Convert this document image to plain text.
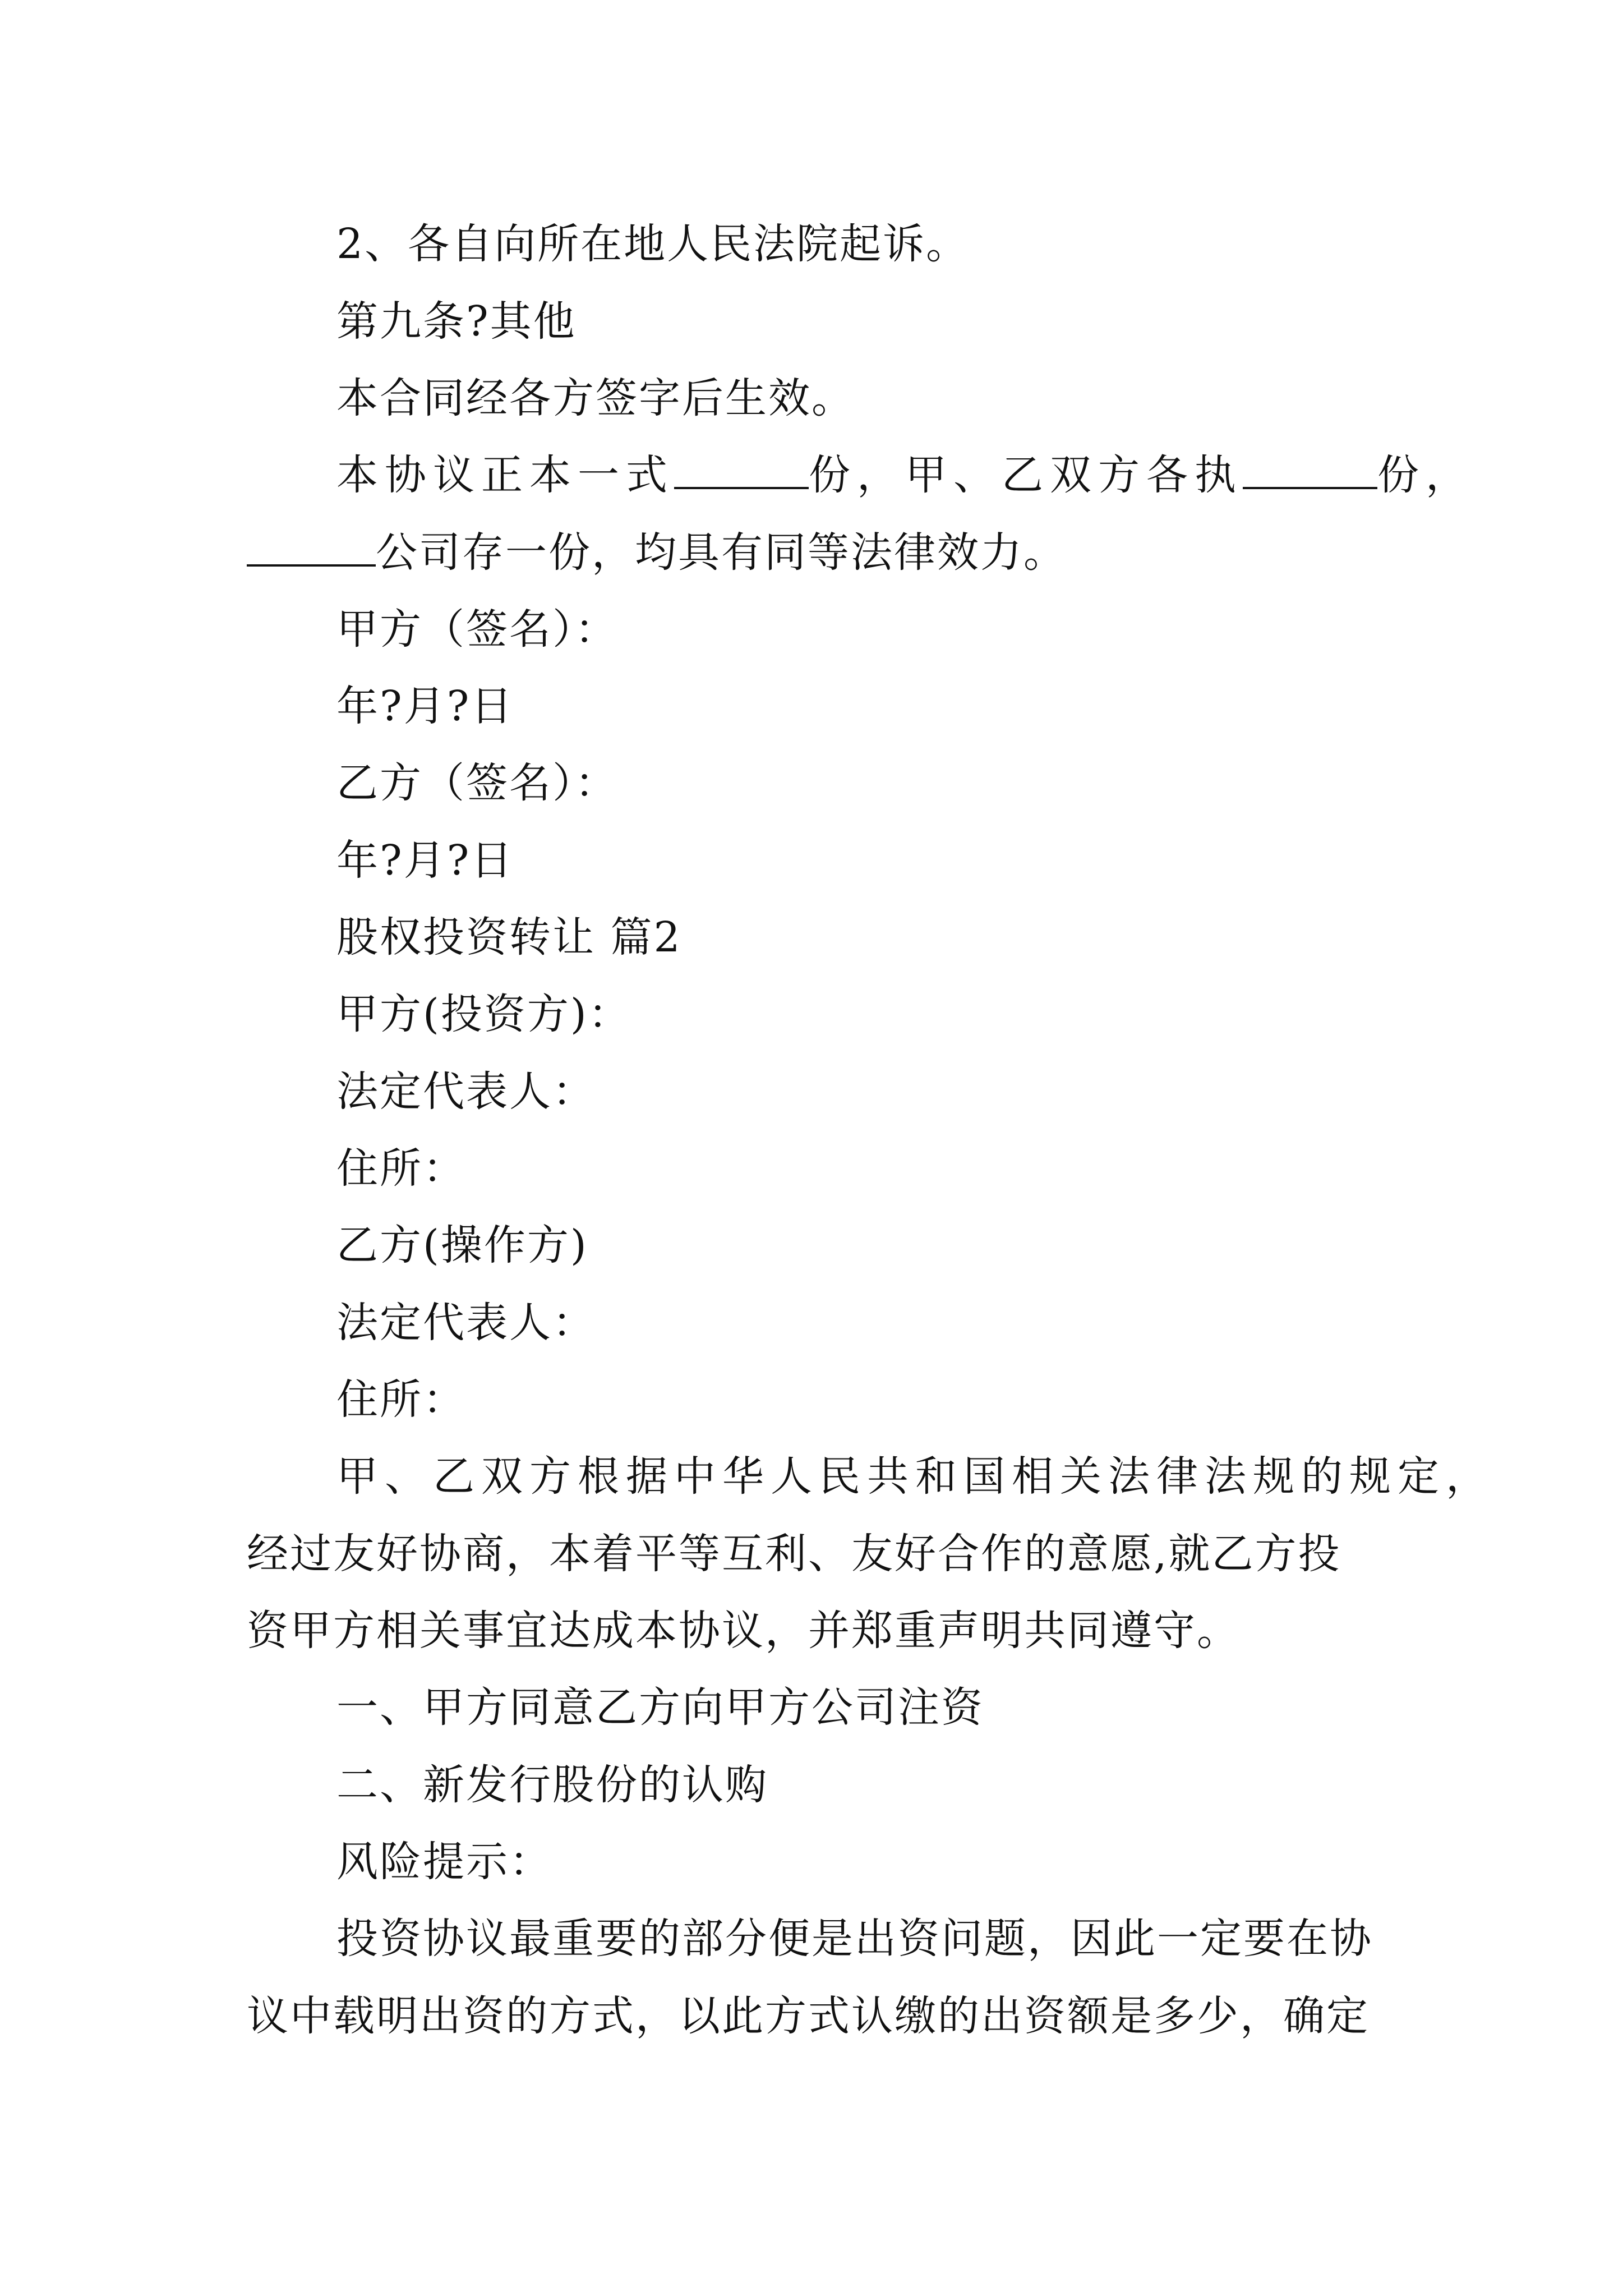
2、各自向所在地人民法院起诉。
第九条?其他
本合同经各方签字后生效。
本协议正本一式	份，甲、乙双方各执	份，
公司存一份，均具有同等法律效力。
甲方（签名）：
年?月?日
乙方（签名）：
年?月?日
股权投资转让 篇2
甲方(投资方)：
法定代表人：
住所：
乙方(操作方)
法定代表人：
住所：
甲、乙双方根据中华人民共和国相关法律法规的规定，
经过友好协商，本着平等互利、友好合作的意愿,就乙方投
资甲方相关事宜达成本协议，并郑重声明共同遵守。
一、甲方同意乙方向甲方公司注资
二、新发行股份的认购
风险提示：
投资协议最重要的部分便是出资问题，因此一定要在协
议中载明出资的方式，以此方式认缴的出资额是多少，确定
